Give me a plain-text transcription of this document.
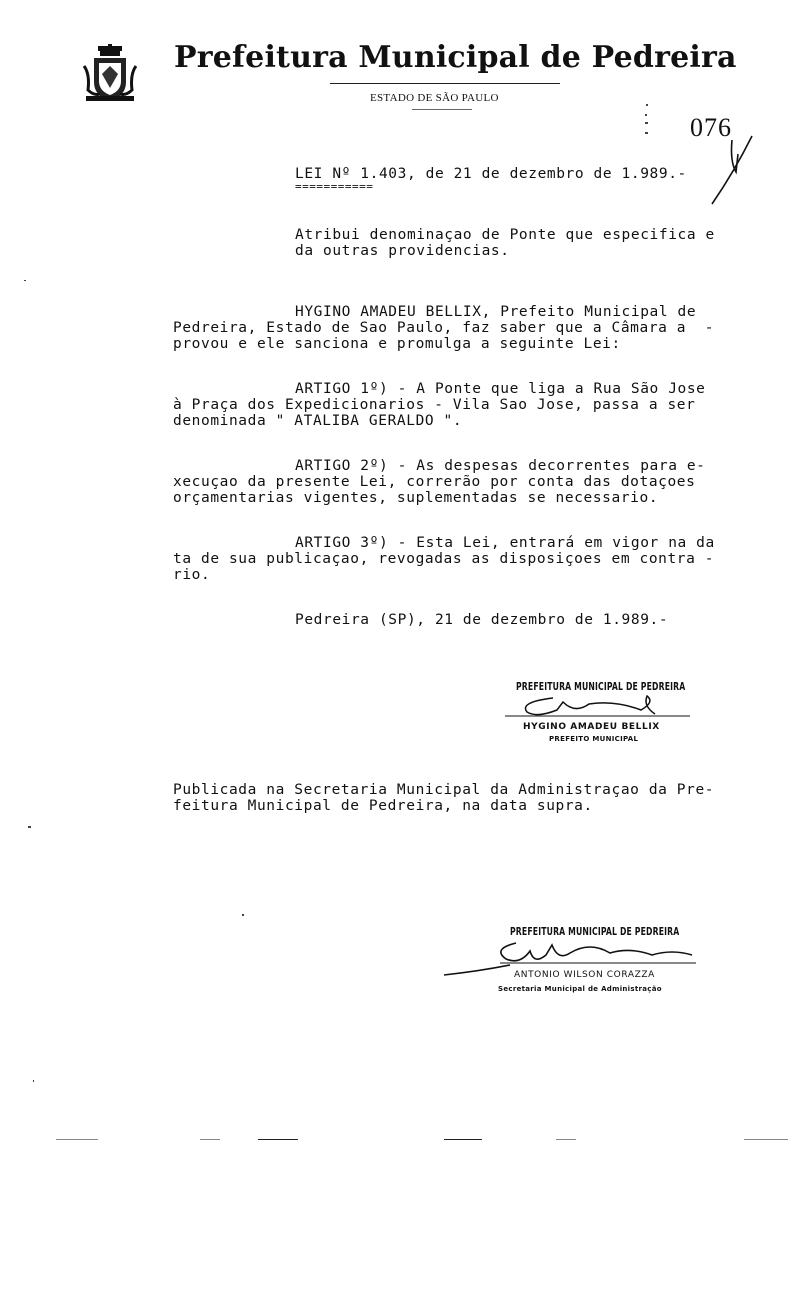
Prefeitura Municipal de Pedreira
ESTADO DE SÃO PAULO
076
LEI Nº 1.403, de 21 de dezembro de 1.989.-
===========
Atribui denominaçao de Ponte que especifica e
da outras providencias.
HYGINO AMADEU BELLIX, Prefeito Municipal de
Pedreira, Estado de Sao Paulo, faz saber que a Câmara a  -
provou e ele sanciona e promulga a seguinte Lei:
ARTIGO 1º) - A Ponte que liga a Rua São Jose
à Praça dos Expedicionarios - Vila Sao Jose, passa a ser
denominada " ATALIBA GERALDO ".
ARTIGO 2º) - As despesas decorrentes para e-
xecuçao da presente Lei, correrão por conta das dotaçoes
orçamentarias vigentes, suplementadas se necessario.
ARTIGO 3º) - Esta Lei, entrará em vigor na da
ta de sua publicaçao, revogadas as disposiçoes em contra -
rio.
Pedreira (SP), 21 de dezembro de 1.989.-
PREFEITURA MUNICIPAL DE PEDREIRA
HYGINO AMADEU BELLIX
PREFEITO MUNICIPAL
Publicada na Secretaria Municipal da Administraçao da Pre-
feitura Municipal de Pedreira, na data supra.
PREFEITURA MUNICIPAL DE PEDREIRA
ANTONIO WILSON CORAZZA
Secretaria Municipal de Administração
